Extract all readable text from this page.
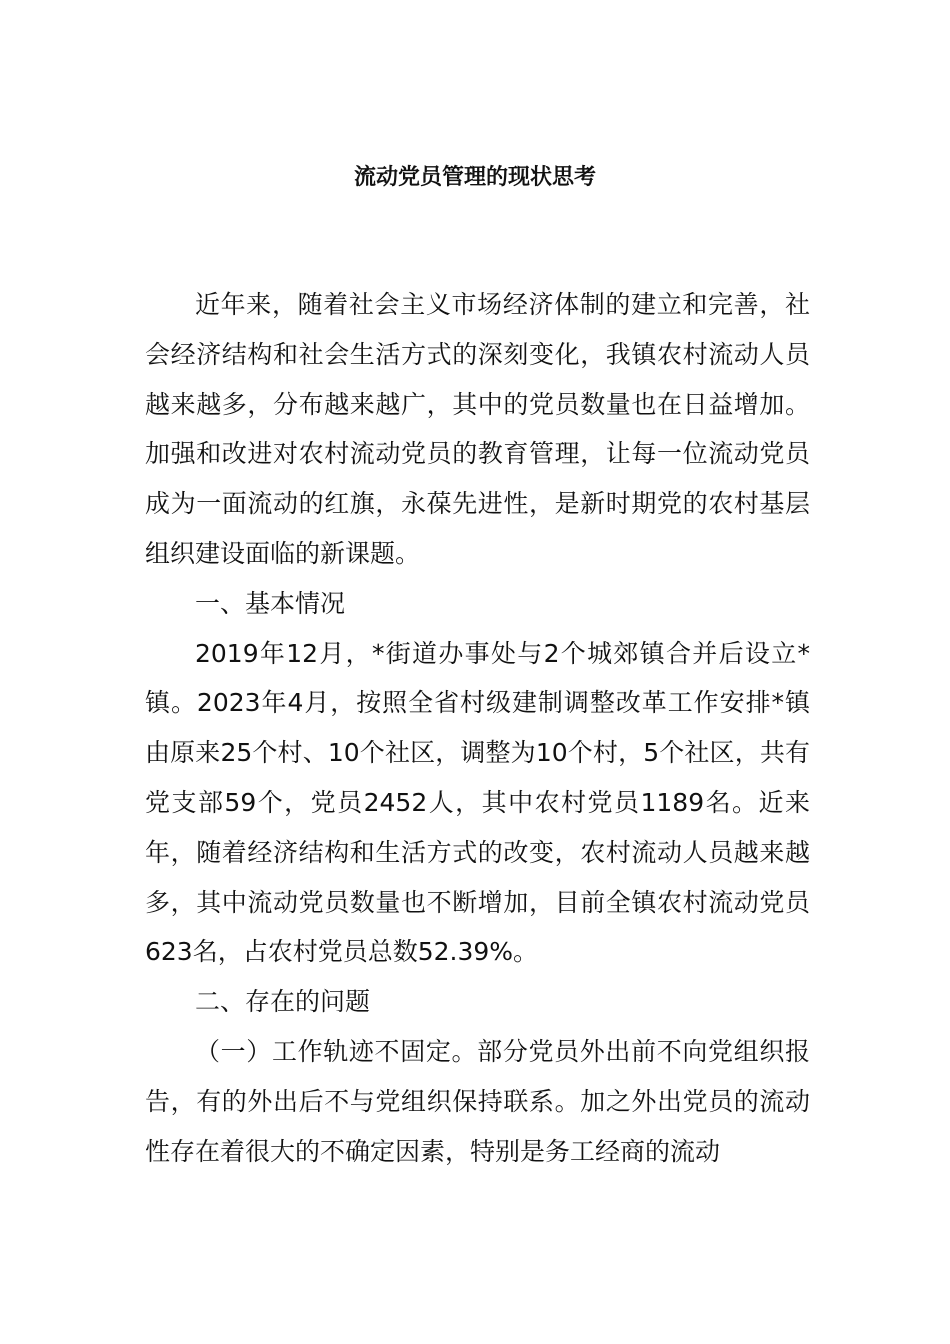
流动党员管理的现状思考

近年来，随着社会主义市场经济体制的建立和完善，社会经济结构和社会生活方式的深刻变化，我镇农村流动人员越来越多，分布越来越广，其中的党员数量也在日益增加。加强和改进对农村流动党员的教育管理，让每一位流动党员成为一面流动的红旗，永葆先进性，是新时期党的农村基层组织建设面临的新课题。

一、基本情况

2019年12月，*街道办事处与2个城郊镇合并后设立*镇。2023年4月，按照全省村级建制调整改革工作安排*镇由原来25个村、10个社区，调整为10个村，5个社区，共有党支部59个，党员2452人，其中农村党员1189名。近来年，随着经济结构和生活方式的改变，农村流动人员越来越多，其中流动党员数量也不断增加，目前全镇农村流动党员623名，占农村党员总数52.39%。

二、存在的问题

（一）工作轨迹不固定。部分党员外出前不向党组织报告，有的外出后不与党组织保持联系。加之外出党员的流动性存在着很大的不确定因素，特别是务工经商的流动
